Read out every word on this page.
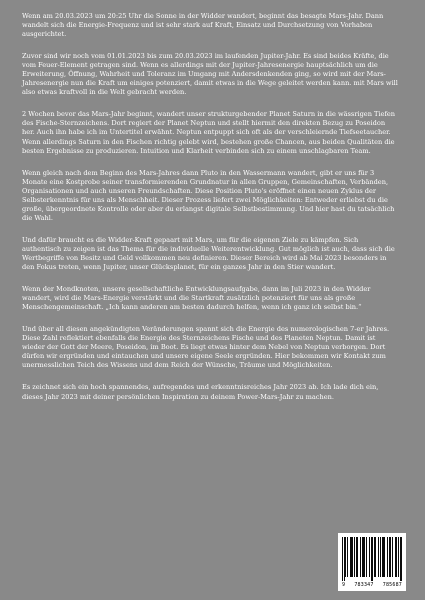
Wenn am 20.03.2023 um 20:25 Uhr die Sonne in der Widder wandert, beginnt das besagte Mars-Jahr. Dann wandelt sich die Energie-Frequenz und ist sehr stark auf Kraft, Einsatz und Durchsetzung von Vorhaben ausgerichtet.

Zuvor sind wir noch vom 01.01.2023 bis zum 20.03.2023 im laufenden Jupiter-Jahr. Es sind beides Kräfte, die vom Feuer-Element getragen sind. Wenn es allerdings mit der Jupiter-Jahresenergie hauptsächlich um die Erweiterung, Öffnung, Wahrheit und Toleranz im Umgang mit Andersdenkenden ging, so wird mit der Mars-Jahresenergie nun die Kraft um einiges potenziert, damit etwas in die Wege geleitet werden kann. mit Mars will also etwas kraftvoll in die Welt gebracht werden.

2 Wochen bevor das Mars-Jahr beginnt, wandert unser strukturgebender Planet Saturn in die wässrigen Tiefen des Fische-Sternzeichens. Dort regiert der Planet Neptun und stellt hiermit den direkten Bezug zu Poseidon her. Auch ihn habe ich im Untertitel erwähnt. Neptun entpuppt sich oft als der verschleiernde Tiefseetaucher. Wenn allerdings Saturn in den Fischen richtig gelebt wird, bestehen große Chancen, aus beiden Qualitäten die besten Ergebnisse zu produzieren. Intuition und Klarheit verbinden sich zu einem unschlagbaren Team.

Wenn gleich nach dem Beginn des Mars-Jahres dann Pluto in den Wassermann wandert, gibt er uns für 3 Monate eine Kostprobe seiner transformierenden Grundnatur in allen Gruppen, Gemeinschaften, Verbänden, Organisationen und auch unseren Freundschaften. Diese Position Pluto's eröffnet einen neuen Zyklus der Selbsterkenntnis für uns als Menschheit. Dieser Prozess liefert zwei Möglichkeiten: Entweder erliebst du die große, übergeordnete Kontrolle oder aber du erlangst digitale Selbstbestimmung. Und hier hast du tatsächlich die Wahl.

Und dafür braucht es die Widder-Kraft gepaart mit Mars, um für die eigenen Ziele zu kämpfen. Sich authentisch zu zeigen ist das Thema für die individuelle Weiterentwicklung. Gut möglich ist auch, dass sich die Wertbegriffe von Besitz und Geld vollkommen neu definieren. Dieser Bereich wird ab Mai 2023 besonders in den Fokus treten, wenn Jupiter, unser Glücksplanet, für ein ganzes Jahr in den Stier wandert.

Wenn der Mondknoten, unsere gesellschaftliche Entwicklungsaufgabe, dann im Juli 2023 in den Widder wandert, wird die Mars-Energie verstärkt und die Startkraft zusätzlich potenziert für uns als große Menschengemeinschaft. „Ich kann anderen am besten dadurch helfen, wenn ich ganz ich selbst bin.“

Und über all diesen angekündigten Veränderungen spannt sich die Energie des numerologischen 7-er Jahres. Diese Zahl reflektiert ebenfalls die Energie des Sternzeichens Fische und des Planeten Neptun. Damit ist wieder der Gott der Meere, Poseidon, im Boot. Es liegt etwas hinter dem Nebel von Neptun verborgen. Dort dürfen wir ergründen und eintauchen und unsere eigene Seele ergründen. Hier bekommen wir Kontakt zum unermesslichen Teich des Wissens und dem Reich der Wünsche, Träume und Möglichkeiten.

Es zeichnet sich ein hoch spannendes, aufregendes und erkenntnisreiches Jahr 2023 ab. Ich lade dich ein, dieses Jahr 2023 mit deiner persönlichen Inspiration zu deinem Power-Mars-Jahr zu machen.

9 783347 785687
